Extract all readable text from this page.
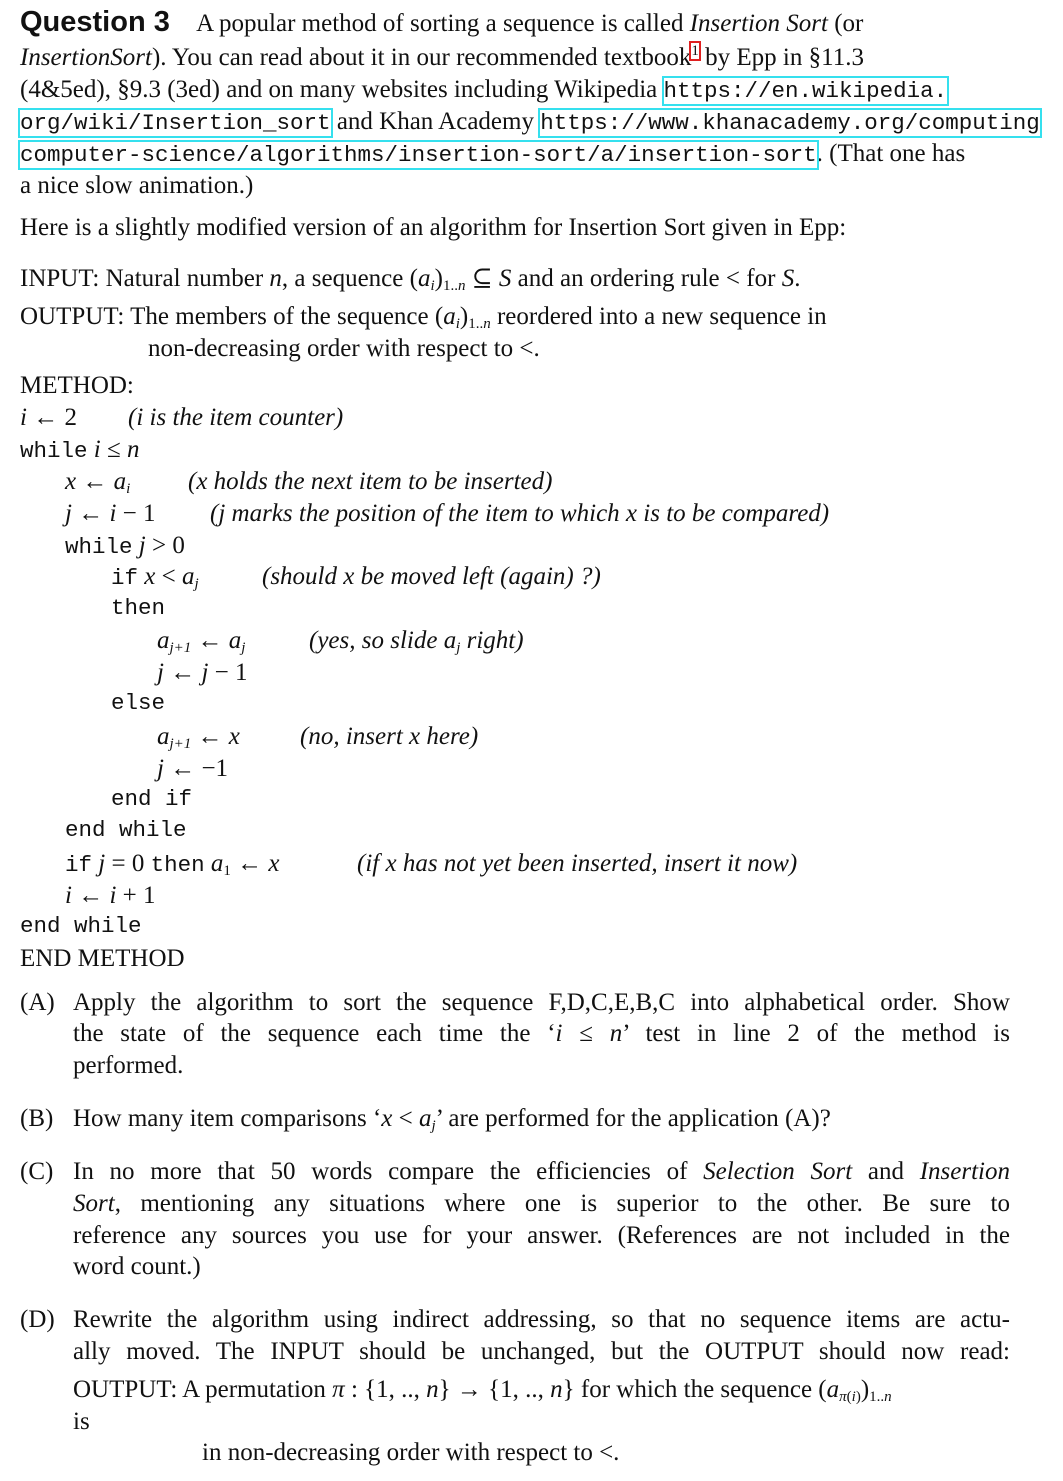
Question 3 A popular method of sorting a sequence is called Insertion Sort (or
InsertionSort). You can read about it in our recommended textbook$^1$ by Epp in §11.3
(4&5ed), §9.3 (3ed) and on many websites including Wikipedia https://en.wikipedia.
org/wiki/Insertion_sort and Khan Academy https://www.khanacademy.org/computing
computer-science/algorithms/insertion-sort/a/insertion-sort. (That one has
a nice slow animation.)
Here is a slightly modified version of an algorithm for Insertion Sort given in Epp:
INPUT: Natural number n, a sequence $(a_i)_{1..n}$ ⊆ S and an ordering rule < for S.
OUTPUT: The members of the sequence $(a_i)_{1..n}$ reordered into a new sequence in
non-decreasing order with respect to <.
METHOD:
i ← 2 (i is the item counter)
while i ≤ n
x ← $a_i$ (x holds the next item to be inserted)
j ← i − 1 (j marks the position of the item to which x is to be compared)
while j > 0
if $x < a_j$	(should x be moved left (again) ?)
then
$a_{j+1}$ ← $a_j$	(yes, so slide $a_j$ right)
j ← j − 1
else
$a_{j+1}$ ← x (no, insert x here)
j ← −1
end if
end while
if j = 0 then $a_1$ ← x	(if x has not yet been inserted, insert it now)
i ← i + 1
end while
END METHOD
(A) Apply the algorithm to sort the sequence F,D,C,E,B,C into alphabetical order. Show
the state of the sequence each time the ‘i ≤ n’ test in line 2 of the method is
performed.
(B) How many item comparisons ‘$x < a_j$’ are performed for the application (A)?
(C) In no more that 50 words compare the efficiencies of Selection Sort and Insertion
Sort, mentioning any situations where one is superior to the other. Be sure to
reference any sources you use for your answer. (References are not included in the
word count.)
(D) Rewrite the algorithm using indirect addressing, so that no sequence items are actu-
ally moved. The INPUT should be unchanged, but the OUTPUT should now read:
OUTPUT: A permutation π : {1, .., n} → {1, .., n} for which the sequence $(a_{\pi(i)})_{1..n}$
is
in non-decreasing order with respect to <.
